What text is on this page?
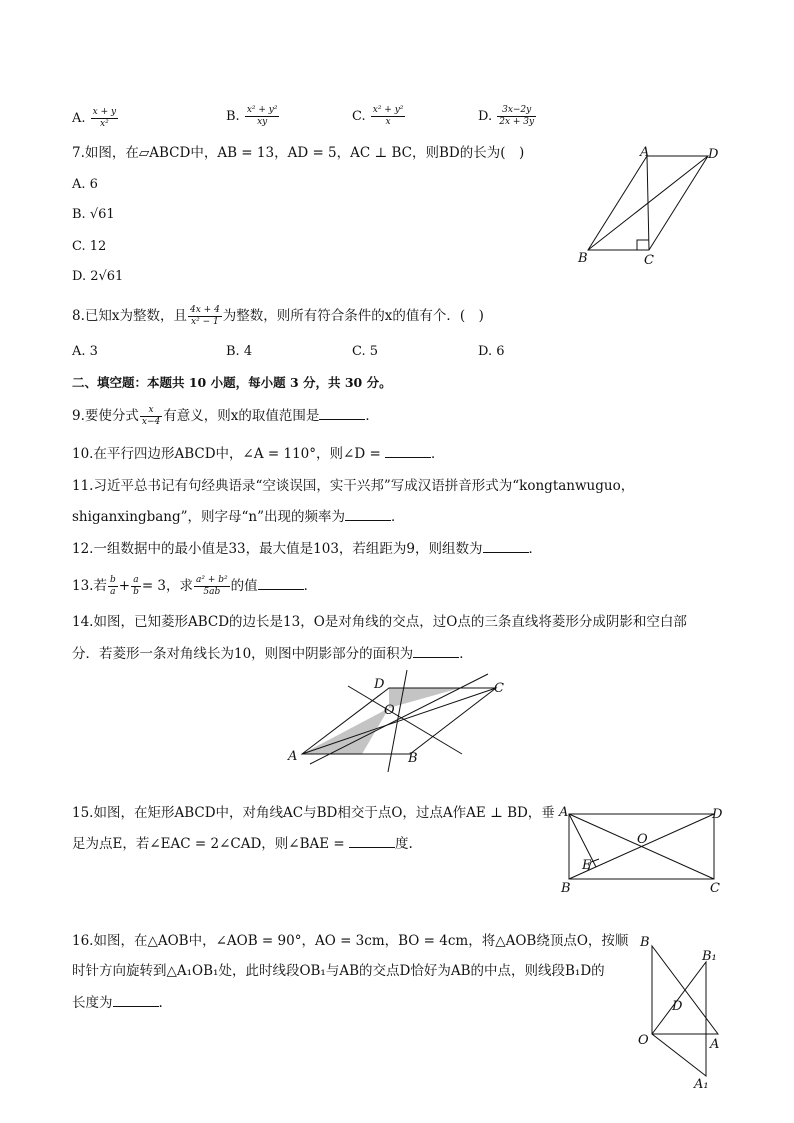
A. $\frac{x + y}{\text{x²}}$	B. $\frac{\text{x² + y²}}{xy}$	C. $\frac{\text{x² + y²}}{x}$	D. $\frac{3x-2y}{2x + 3y}$
7.如图，在▱ABCD中，AB = 13，AD = 5，AC ⊥ BC，则BD的长为(　)
A. 6
B. √61
C. 12
D. 2√61
A	D
B	C
8.已知x为整数，且 $\frac{4x + 4}{\text{x² − 1}}$ 为整数，则所有符合条件的x的值有个．(　)
A. 3	B. 4	C. 5	D. 6
二、填空题：本题共 10 小题，每小题 3 分，共 30 分。
9.要使分式 $\frac{x}{x-4}$ 有意义，则x的取值范围是	．
10.在平行四边形ABCD中，∠A = 110°，则∠D =	．
11.习近平总书记有句经典语录“空谈误国，实干兴邦”写成汉语拼音形式为“kongtanwuguo，
shiganxingbang”，则字母“n”出现的频率为	．
12.一组数据中的最小值是33，最大值是103，若组距为9，则组数为	．
13.若 $\frac{b}{a} + \frac{a}{b} = 3$，求 $\frac{\text{a² + b²}}{5ab}$ 的值	．
14.如图，已知菱形ABCD的边长是13，O是对角线的交点，过O点的三条直线将菱形分成阴影和空白部
分．若菱形一条对角线长为10，则图中阴影部分的面积为	．
D	C
O
A	B
15.如图，在矩形ABCD中，对角线AC与BD相交于点O，过点A作AE ⊥ BD，垂
足为点E，若∠EAC = 2∠CAD，则∠BAE =	度.
A	D
O
E
B	C
16.如图，在△AOB中，∠AOB = 90°，AO = 3cm，BO = 4cm，将△AOB绕顶点O，按顺
时针方向旋转到△A₁OB₁处，此时线段OB₁与AB的交点D恰好为AB的中点，则线段B₁D的
长度为	.
B
B₁
D
O	A
A₁
